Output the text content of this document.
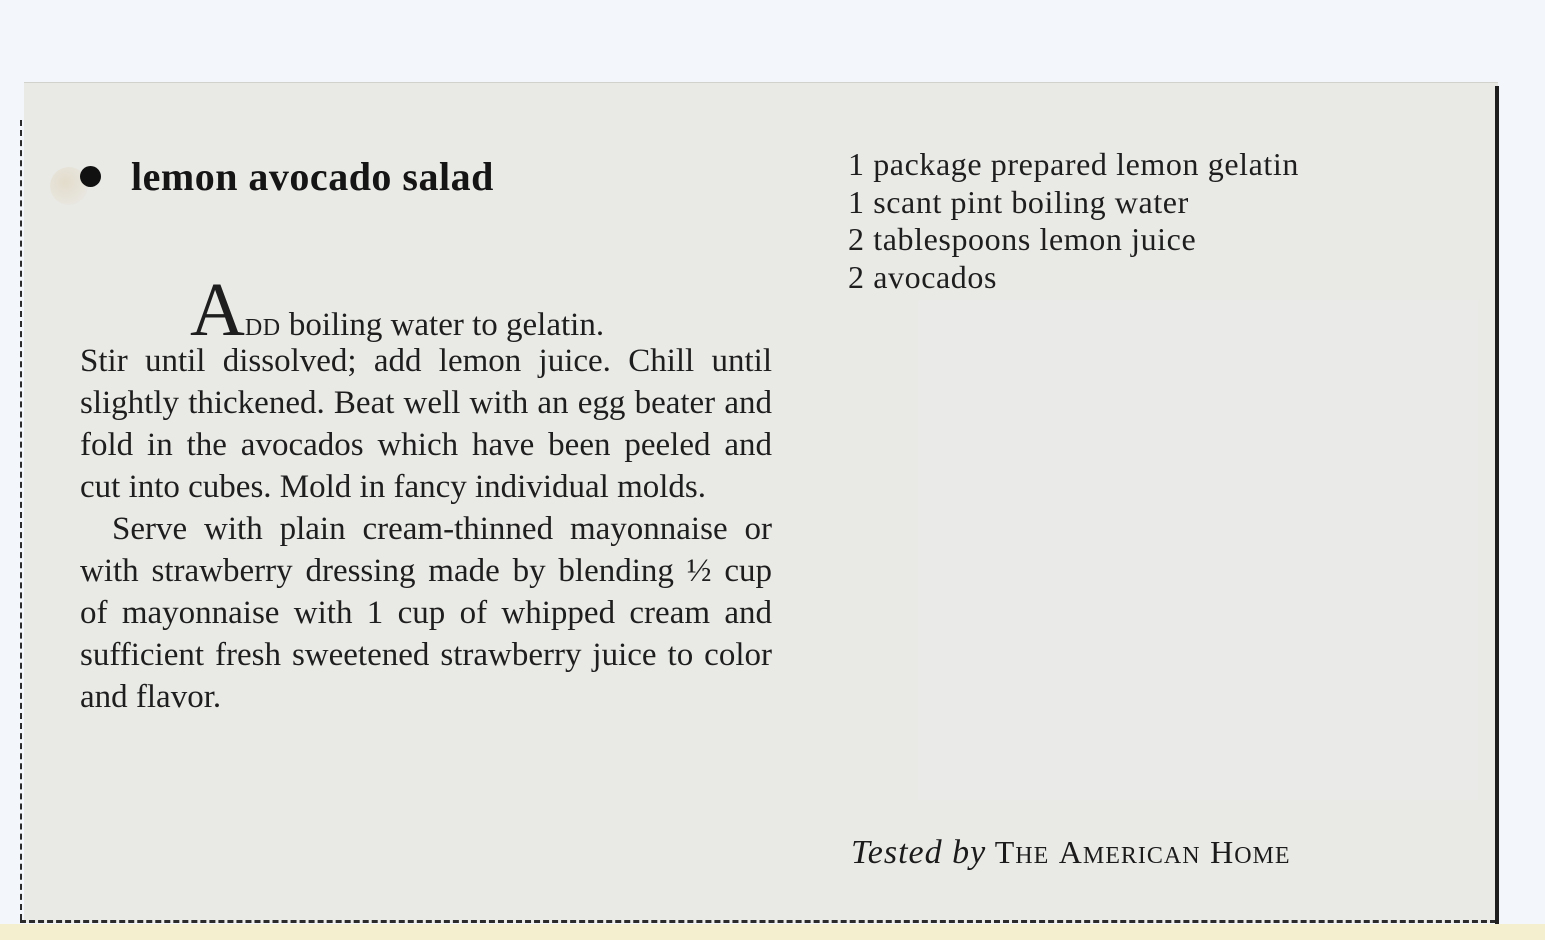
lemon avocado salad

ADD boiling water to gelatin.
Stir until dissolved; add lemon juice. Chill until slightly thickened. Beat well with an egg beater and fold in the avocados which have been peeled and cut into cubes. Mold in fancy individual molds.

Serve with plain cream-thinned mayonnaise or with strawberry dressing made by blending ½ cup of mayonnaise with 1 cup of whipped cream and sufficient fresh sweetened strawberry juice to color and flavor.

1 package prepared lemon gelatin
1 scant pint boiling water
2 tablespoons lemon juice
2 avocados
Tested by THE AMERICAN HOME
